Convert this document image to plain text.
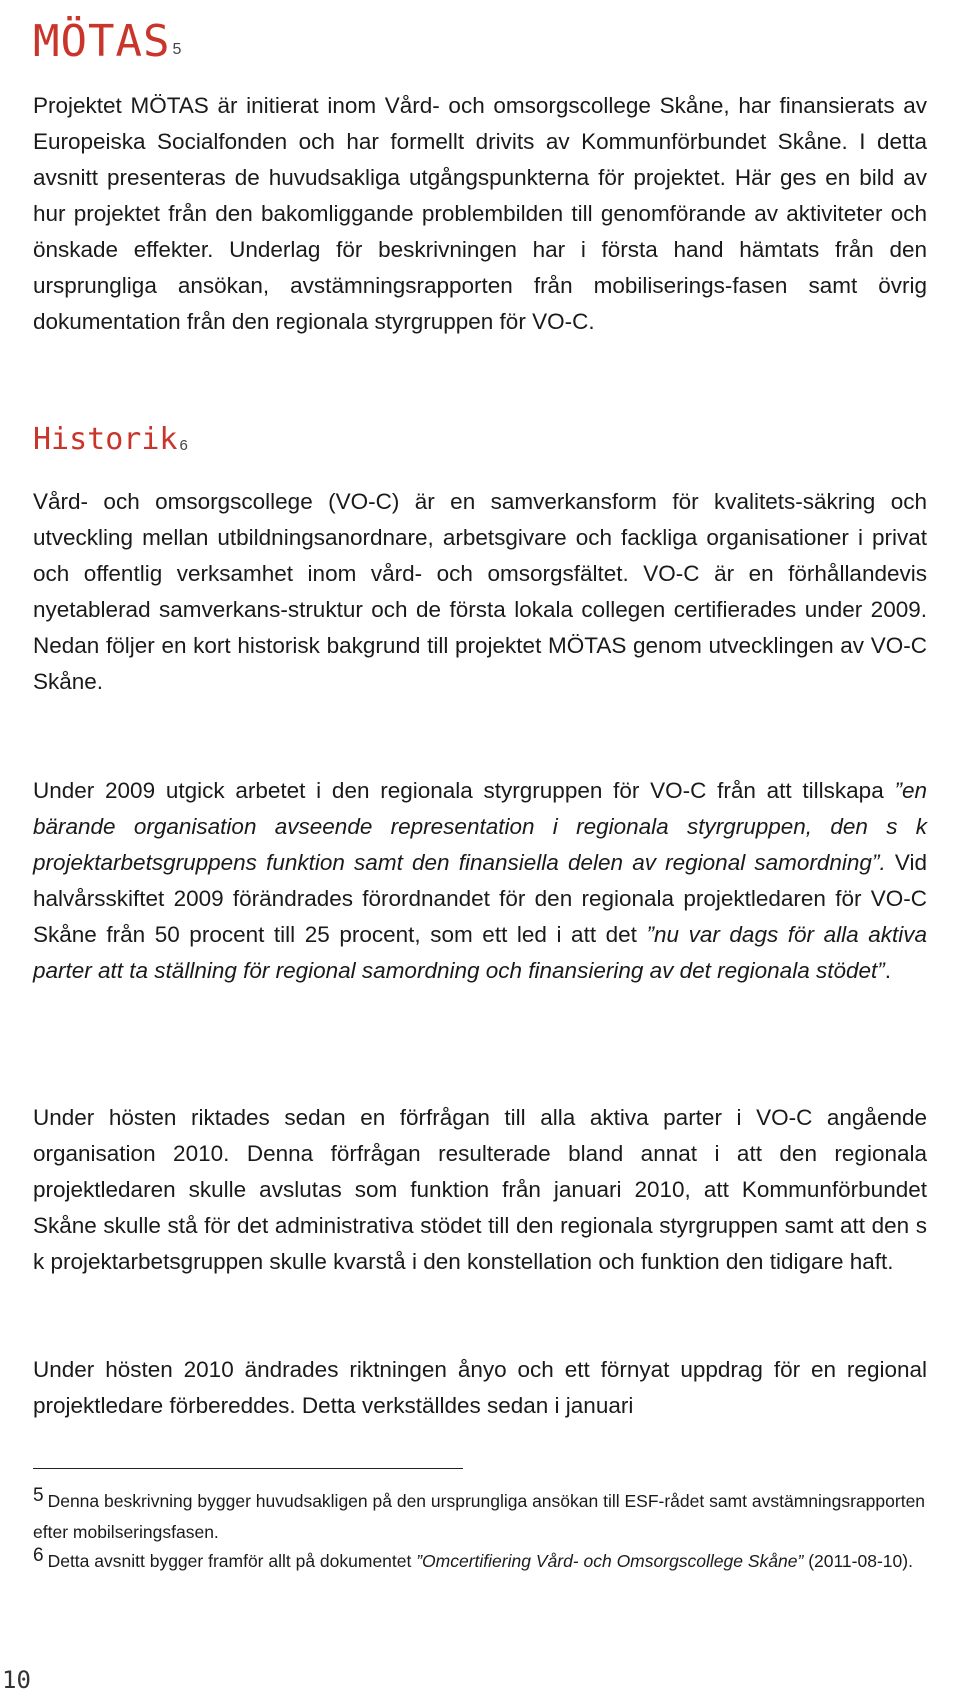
MÖTAS $^5$

Projektet MÖTAS är initierat inom Vård- och omsorgscollege Skåne, har finansierats av Europeiska Socialfonden och har formellt drivits av Kommunförbundet Skåne. I detta avsnitt presenteras de huvudsakliga utgångspunkterna för projektet. Här ges en bild av hur projektet från den bakomliggande problembilden till genomförande av aktiviteter och önskade effekter. Underlag för beskrivningen har i första hand hämtats från den ursprungliga ansökan, avstämningsrapporten från mobiliserings-fasen samt övrig dokumentation från den regionala styrgruppen för VO-C.

Historik $^6$

Vård- och omsorgscollege (VO-C) är en samverkansform för kvalitets-säkring och utveckling mellan utbildningsanordnare, arbetsgivare och fackliga organisationer i privat och offentlig verksamhet inom vård- och omsorgsfältet. VO-C är en förhållandevis nyetablerad samverkans-struktur och de första lokala collegen certifierades under 2009. Nedan följer en kort historisk bakgrund till projektet MÖTAS genom utvecklingen av VO-C Skåne.

Under 2009 utgick arbetet i den regionala styrgruppen för VO-C från att tillskapa ”en bärande organisation avseende representation i regionala styrgruppen, den s k projektarbetsgruppens funktion samt den finansiella delen av regional samordning”. Vid halvårsskiftet 2009 förändrades förordnandet för den regionala projektledaren för VO-C Skåne från 50 procent till 25 procent, som ett led i att det ”nu var dags för alla aktiva parter att ta ställning för regional samordning och finansiering av det regionala stödet”.

Under hösten riktades sedan en förfrågan till alla aktiva parter i VO-C angående organisation 2010. Denna förfrågan resulterade bland annat i att den regionala projektledaren skulle avslutas som funktion från januari 2010, att Kommunförbundet Skåne skulle stå för det administrativa stödet till den regionala styrgruppen samt att den s k projektarbetsgruppen skulle kvarstå i den konstellation och funktion den tidigare haft.

Under hösten 2010 ändrades riktningen ånyo och ett förnyat uppdrag för en regional projektledare förbereddes. Detta verkställdes sedan i januari

5 Denna beskrivning bygger huvudsakligen på den ursprungliga ansökan till ESF-rådet samt avstämningsrapporten efter mobilseringsfasen.

6 Detta avsnitt bygger framför allt på dokumentet ”Omcertifiering Vård- och Omsorgscollege Skåne” (2011-08-10).

10
